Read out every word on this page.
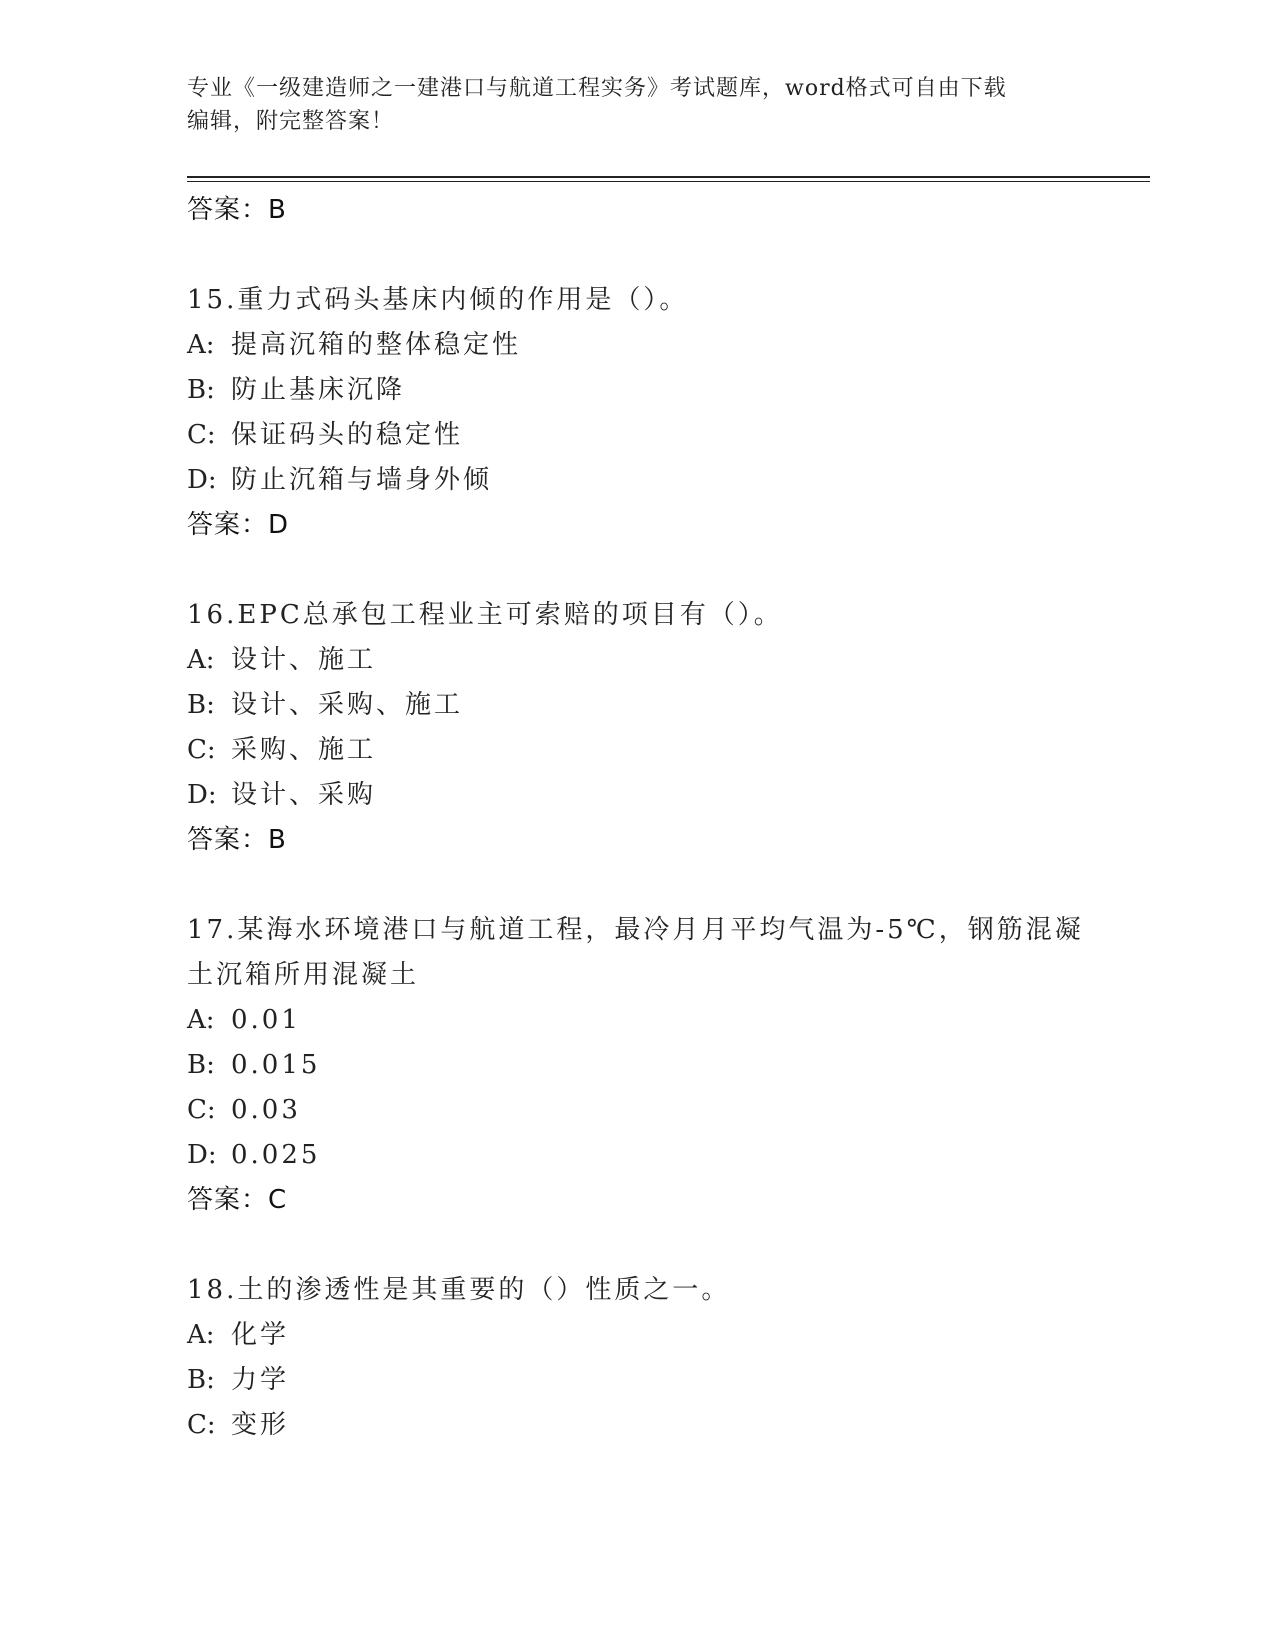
专业《一级建造师之一建港口与航道工程实务》考试题库，word格式可自由下载
编辑，附完整答案！
答案：B
15.重力式码头基床内倾的作用是（）。
A: 提高沉箱的整体稳定性
B: 防止基床沉降
C: 保证码头的稳定性
D: 防止沉箱与墙身外倾
答案：D
16.EPC总承包工程业主可索赔的项目有（）。
A: 设计、施工
B: 设计、采购、施工
C: 采购、施工
D: 设计、采购
答案：B
17.某海水环境港口与航道工程，最冷月月平均气温为-5℃，钢筋混凝土沉箱所用混凝土
A: 0.01
B: 0.015
C: 0.03
D: 0.025
答案：C
18.土的渗透性是其重要的（）性质之一。
A: 化学
B: 力学
C: 变形
